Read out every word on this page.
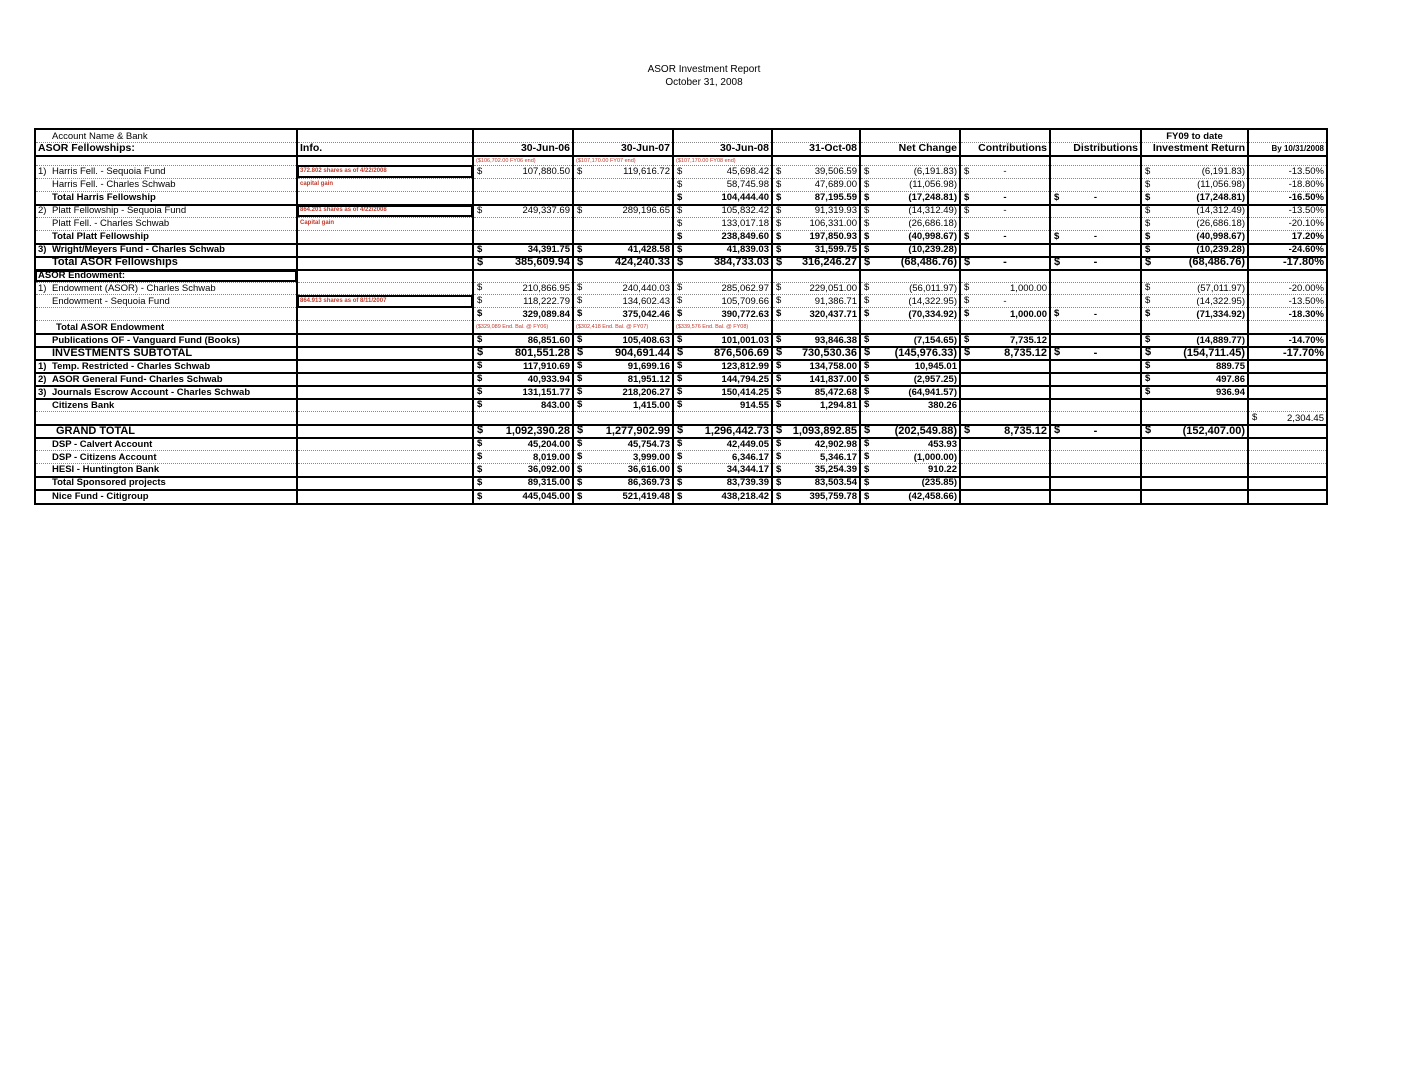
ASOR Investment Report
October 31, 2008
Account Name & Bank									FY09 to date	

ASOR Fellowships:	Info.	30-Jun-06	30-Jun-07	30-Jun-08	31-Oct-08	Net Change	Contributions	Distributions	Investment Return	By 10/31/2008
		($106,702.00 FY06 end)	($107,170.00 FY07 end)	($107,170.00 FY08 end)						
1) Harris Fell. - Sequoia Fund	372.802 shares as of 4/22/2008	$ 107,880.50	$ 119,616.72	$ 45,698.42	$ 39,506.59	$ (6,191.83)	$ -		$ (6,191.83)	-13.50%
Harris Fell. - Charles Schwab	capital gain			$ 58,745.98	$ 47,689.00	$ (11,056.98)			$ (11,056.98)	-18.80%
Total Harris Fellowship				$ 104,444.40	$ 87,195.59	$ (17,248.81)	$ -	$ -	$ (17,248.81)	-16.50%

2) Platt Fellowship - Sequoia Fund	864.201 shares as of 4/22/2008	$ 249,337.69	$ 289,196.65	$ 105,832.42	$ 91,319.93	$ (14,312.49)	$ -		$ (14,312.49)	-13.50%
Platt Fell. - Charles Schwab	Capital gain			$ 133,017.18	$ 106,331.00	$ (26,686.18)			$ (26,686.18)	-20.10%
Total Platt Fellowship				$ 238,849.60	$ 197,850.93	$ (40,998.67)	$ -	$ -	$ (40,998.67)	17.20%

3) Wright/Meyers Fund - Charles Schwab		$ 34,391.75	$ 41,428.58	$ 41,839.03	$ 31,599.75	$ (10,239.28)			$ (10,239.28)	-24.60%

Total ASOR Fellowships		$ 385,609.94	$ 424,240.33	$ 384,733.03	$ 316,246.27	$ (68,486.76)	$ -	$ -	$ (68,486.76)	-17.80%

ASOR Endowment:										

1) Endowment (ASOR) - Charles Schwab		$ 210,866.95	$ 240,440.03	$ 285,062.97	$ 229,051.00	$ (56,011.97)	$ 1,000.00		$ (57,011.97)	-20.00%
Endowment - Sequoia Fund	864.913 shares as of 8/11/2007	$ 118,222.79	$ 134,602.43	$ 105,709.66	$ 91,386.71	$ (14,322.95)	$ -		$ (14,322.95)	-13.50%

		$ 329,089.84	$ 375,042.46	$ 390,772.63	$ 320,437.71	$ (70,334.92)	$ 1,000.00	$ -	$ (71,334.92)	-18.30%
Total ASOR Endowment		($329,089 End. Bal. @ FY06)	($302,418 End. Bal. @ FY07)	($339,576 End. Bal. @ FY08)						

Publications OF - Vanguard Fund (Books)		$ 86,851.60	$ 105,408.63	$ 101,001.03	$ 93,846.38	$ (7,154.65)	$ 7,735.12		$ (14,889.77)	-14.70%

INVESTMENTS SUBTOTAL		$ 801,551.28	$ 904,691.44	$ 876,506.69	$ 730,530.36	$ (145,976.33)	$ 8,735.12	$ -	$ (154,711.45)	-17.70%

1) Temp. Restricted - Charles Schwab		$ 117,910.69	$ 91,699.16	$ 123,812.99	$ 134,758.00	$ 10,945.01			$ 889.75	

2) ASOR General Fund- Charles Schwab		$ 40,933.94	$ 81,951.12	$ 144,794.25	$ 141,837.00	$ (2,957.25)			$ 497.86	

3) Journals Escrow Account - Charles Schwab		$ 131,151.77	$ 218,206.27	$ 150,414.25	$ 85,472.68	$ (64,941.57)			$ 936.94	

Citizens Bank		$ 843.00	$ 1,415.00	$ 914.55	$ 1,294.81	$ 380.26				

										$ 2,304.45

GRAND TOTAL		$ 1,092,390.28	$ 1,277,902.99	$ 1,296,442.73	$ 1,093,892.85	$ (202,549.88)	$ 8,735.12	$ -	$ (152,407.00)	

DSP - Calvert Account		$ 45,204.00	$ 45,754.73	$ 42,449.05	$ 42,902.98	$ 453.93				
DSP - Citizens Account		$ 8,019.00	$ 3,999.00	$ 6,346.17	$ 5,346.17	$ (1,000.00)				

HESI - Huntington Bank		$ 36,092.00	$ 36,616.00	$ 34,344.17	$ 35,254.39	$ 910.22				

Total Sponsored projects		$ 89,315.00	$ 86,369.73	$ 83,739.39	$ 83,503.54	$ (235.85)				
Nice Fund - Citigroup		$ 445,045.00	$ 521,419.48	$ 438,218.42	$ 395,759.78	$ (42,458.66)				
